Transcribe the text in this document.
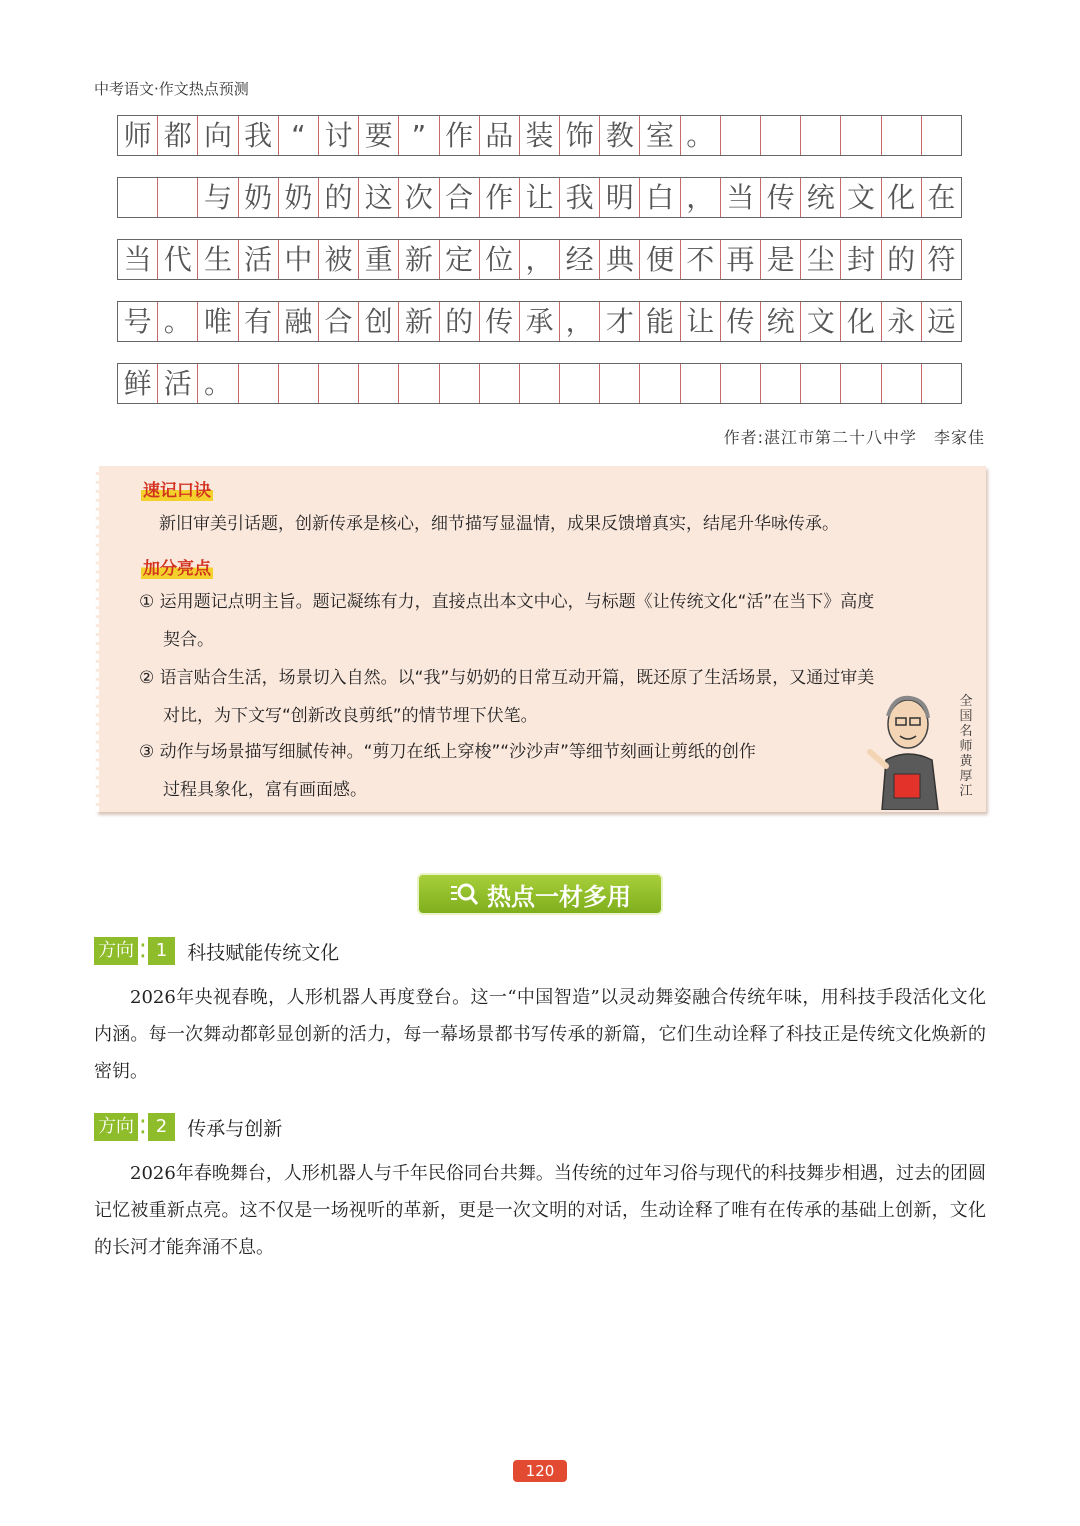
中考语文·作文热点预测
师 都 向 我 “ 讨 要 ” 作 品 装 饰 教 室 。
与 奶 奶 的 这 次 合 作 让 我 明 白 ， 当 传 统 文 化 在
当 代 生 活 中 被 重 新 定 位 ， 经 典 便 不 再 是 尘 封 的 符
号 。 唯 有 融 合 创 新 的 传 承 ， 才 能 让 传 统 文 化 永 远
鲜 活 。
作者:湛江市第二十八中学　李家佳
速记口诀
新旧审美引话题，创新传承是核心，细节描写显温情，成果反馈增真实，结尾升华咏传承。
加分亮点
① 运用题记点明主旨。题记凝练有力，直接点出本文中心，与标题《让传统文化“活”在当下》高度
契合。
② 语言贴合生活，场景切入自然。以“我”与奶奶的日常互动开篇，既还原了生活场景，又通过审美
对比，为下文写“创新改良剪纸”的情节埋下伏笔。
③ 动作与场景描写细腻传神。“剪刀在纸上穿梭”“沙沙声”等细节刻画让剪纸的创作
过程具象化，富有画面感。
全国名师黄厚江
热点一材多用
方向 ⁚ 1	科技赋能传统文化
2026年央视春晚，人形机器人再度登台。这一“中国智造”以灵动舞姿融合传统年味，用科技手段活化文化内涵。每一次舞动都彰显创新的活力，每一幕场景都书写传承的新篇，它们生动诠释了科技正是传统文化焕新的密钥。
方向 ⁚ 2	传承与创新
2026年春晚舞台，人形机器人与千年民俗同台共舞。当传统的过年习俗与现代的科技舞步相遇，过去的团圆记忆被重新点亮。这不仅是一场视听的革新，更是一次文明的对话，生动诠释了唯有在传承的基础上创新，文化的长河才能奔涌不息。
120
